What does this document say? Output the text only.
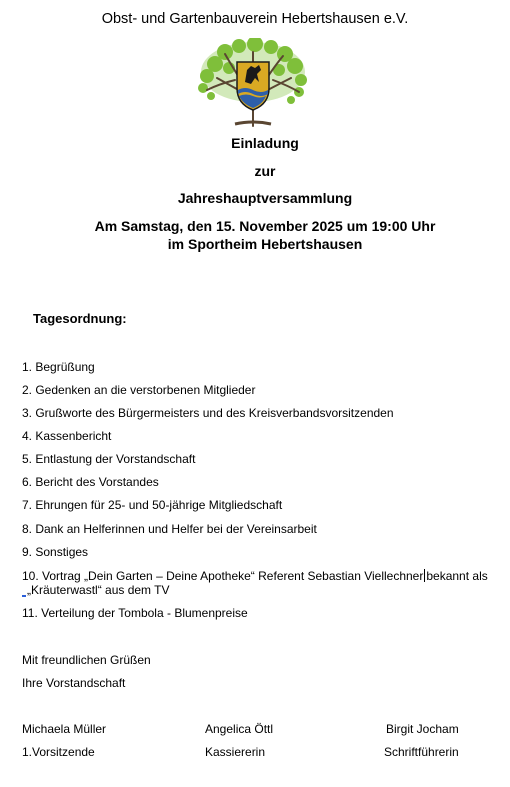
Obst- und Gartenbauverein Hebertshausen e.V.
Einladung
zur
Jahreshauptversammlung
Am Samstag, den 15. November 2025 um 19:00 Uhr
im Sportheim Hebertshausen
Tagesordnung:
1. Begrüßung
2. Gedenken an die verstorbenen Mitglieder
3. Grußworte des Bürgermeisters und des Kreisverbandsvorsitzenden
4. Kassenbericht
5. Entlastung der Vorstandschaft
6. Bericht des Vorstandes
7. Ehrungen für 25- und 50-jährige Mitgliedschaft
8. Dank an Helferinnen und Helfer bei der Vereinsarbeit
9. Sonstiges
10. Vortrag „Dein Garten – Deine Apotheke“ Referent Sebastian Viellechner bekannt als
„Kräuterwastl“ aus dem TV
11. Verteilung der Tombola - Blumenpreise
Mit freundlichen Grüßen
Ihre Vorstandschaft
Michaela Müller	Angelica Öttl	Birgit Jocham
1.Vorsitzende	Kassiererin	Schriftführerin
